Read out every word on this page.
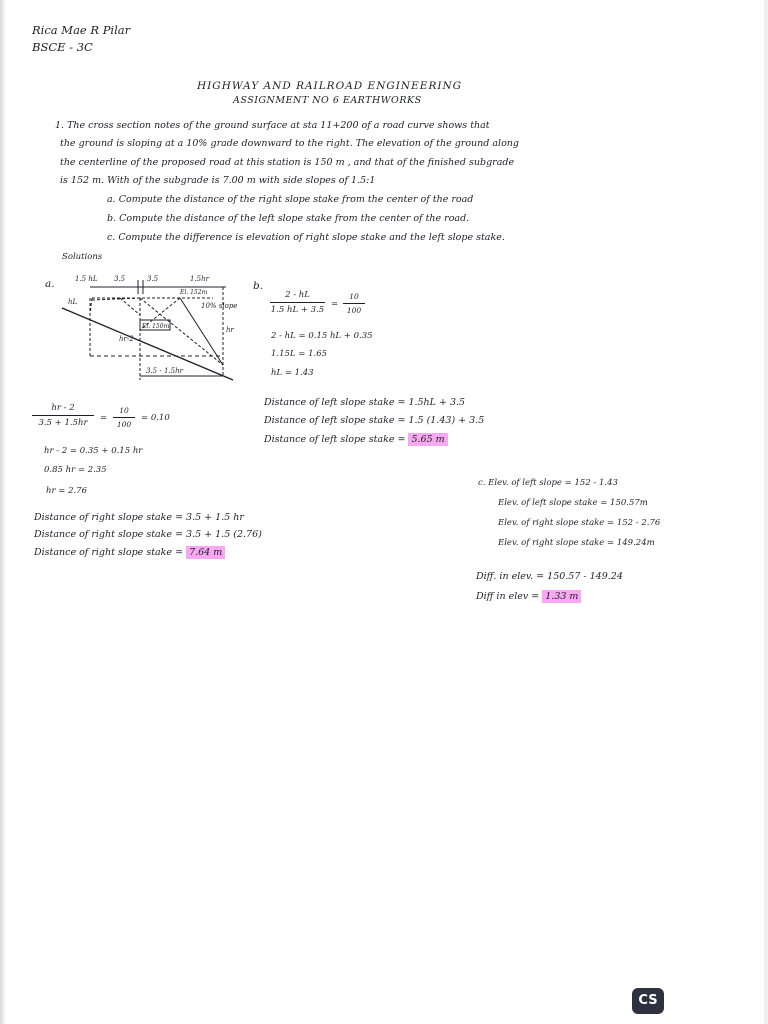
Rica Mae R Pilar
BSCE - 3C
HIGHWAY AND RAILROAD ENGINEERING
ASSIGNMENT NO 6 EARTHWORKS
1. The cross section notes of the ground surface at sta 11+200 of a road curve shows that
the ground is sloping at a 10% grade downward to the right. The elevation of the ground along
the centerline of the proposed road at this station is 150 m , and that of the finished subgrade
is 152 m. With of the subgrade is 7.00 m with side slopes of 1.5:1
a. Compute the distance of the right slope stake from the center of the road
b. Compute the distance of the left slope stake from the center of the road.
c. Compute the difference is elevation of right slope stake and the left slope stake.
Solutions
a.	b.
1.5 hL 3.5	3.5	1.5hr
El. 152m
10% slope
hL
hr
hr-2
El. 150m
3.5 - 1.5hr
$\frac{2 - hL}{1.5 hL + 3.5} = \frac{10}{100}$
2 - hL = 0.15 hL + 0.35
1.15L = 1.65
hL = 1.43
Distance of left slope stake = 1.5hL + 3.5
Distance of left slope stake = 1.5 (1.43) + 3.5
Distance of left slope stake = 5.65 m
$\frac{hr - 2}{3.5 + 1.5hr} = \frac{10}{100} = 0.10$
hr - 2 = 0.35 + 0.15 hr
0.85 hr = 2.35
hr = 2.76
Distance of right slope stake = 3.5 + 1.5 hr
Distance of right slope stake = 3.5 + 1.5 (2.76)
Distance of right slope stake = 7.64 m
c. Elev. of left slope = 152 - 1.43
Elev. of left slope stake = 150.57m
Elev. of right slope stake = 152 - 2.76
Elev. of right slope stake = 149.24m
Diff. in elev. = 150.57 - 149.24
Diff in elev = 1.33 m
CS
